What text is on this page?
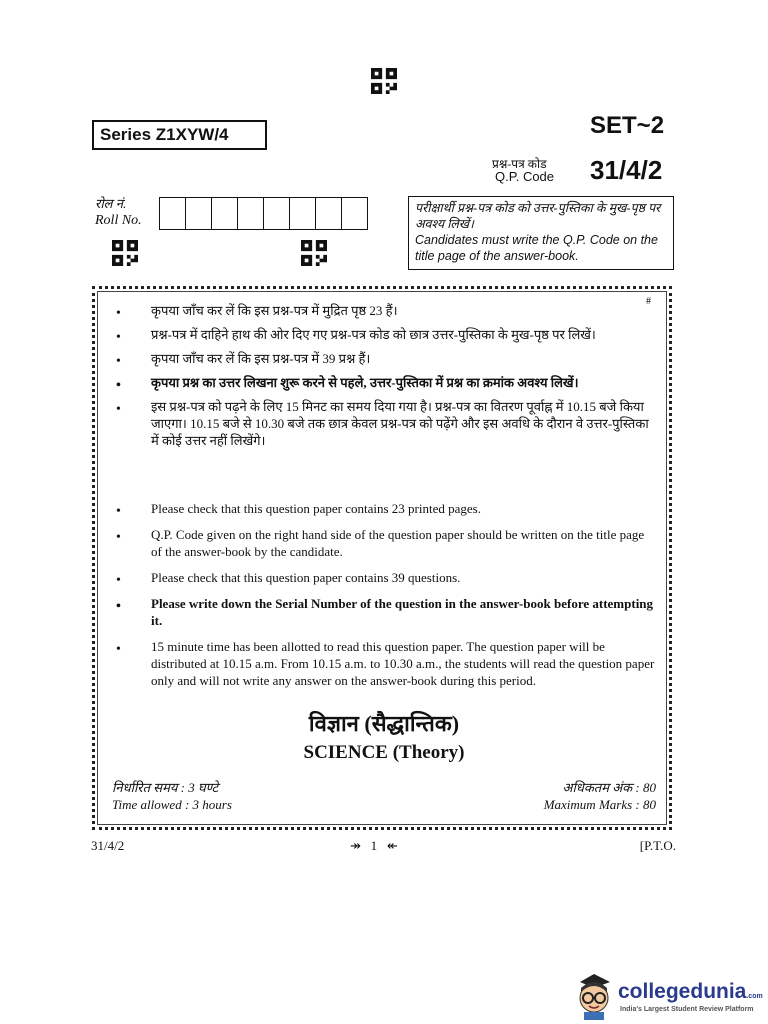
Series Z1XYW/4	SET~2
प्रश्न-पत्र कोड
Q.P. Code 31/4/2
रोल नं.
Roll No.
परीक्षार्थी प्रश्न-पत्र कोड को उत्तर-पुस्तिका के मुख-पृष्ठ पर अवश्य लिखें।
Candidates must write the Q.P. Code on the title page of the answer-book.
#
• कृपया जाँच कर लें कि इस प्रश्न-पत्र में मुद्रित पृष्ठ 23 हैं।
• प्रश्न-पत्र में दाहिने हाथ की ओर दिए गए प्रश्न-पत्र कोड को छात्र उत्तर-पुस्तिका के मुख-पृष्ठ पर लिखें।
• कृपया जाँच कर लें कि इस प्रश्न-पत्र में 39 प्रश्न हैं।
• कृपया प्रश्न का उत्तर लिखना शुरू करने से पहले, उत्तर-पुस्तिका में प्रश्न का क्रमांक अवश्य लिखें।
• इस प्रश्न-पत्र को पढ़ने के लिए 15 मिनट का समय दिया गया है। प्रश्न-पत्र का वितरण पूर्वाह्न में 10.15 बजे किया जाएगा। 10.15 बजे से 10.30 बजे तक छात्र केवल प्रश्न-पत्र को पढ़ेंगे और इस अवधि के दौरान वे उत्तर-पुस्तिका में कोई उत्तर नहीं लिखेंगे।
• Please check that this question paper contains 23 printed pages.
• Q.P. Code given on the right hand side of the question paper should be written on the title page of the answer-book by the candidate.
• Please check that this question paper contains 39 questions.
• Please write down the Serial Number of the question in the answer-book before attempting it.
• 15 minute time has been allotted to read this question paper. The question paper will be distributed at 10.15 a.m. From 10.15 a.m. to 10.30 a.m., the students will read the question paper only and will not write any answer on the answer-book during this period.
विज्ञान (सैद्धान्तिक)
SCIENCE (Theory)
निर्धारित समय : 3 घण्टे
Time allowed : 3 hours
अधिकतम अंक : 80
Maximum Marks : 80
31/4/2	↠ 1 ↞	[P.T.O.
collegedunia.com
India's Largest Student Review Platform
